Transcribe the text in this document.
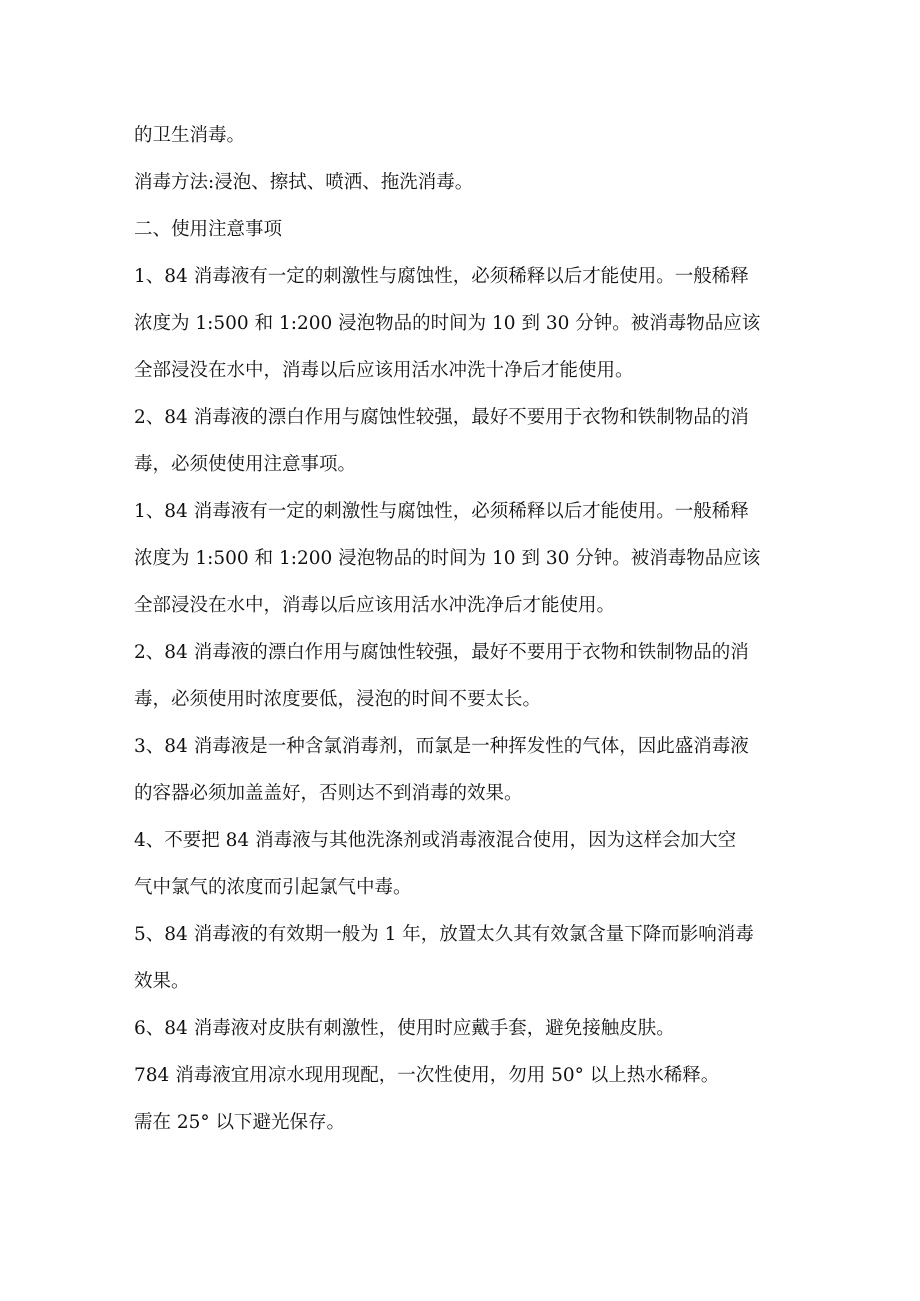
的卫生消毒。

消毒方法:浸泡、擦拭、喷洒、拖洗消毒。

二、使用注意事项

1、84 消毒液有一定的刺激性与腐蚀性，必须稀释以后才能使用。一般稀释

浓度为 1:500 和 1:200 浸泡物品的时间为 10 到 30 分钟。被消毒物品应该

全部浸没在水中，消毒以后应该用活水冲洗十净后才能使用。

2、84 消毒液的漂白作用与腐蚀性较强，最好不要用于衣物和铁制物品的消

毒，必须使使用注意事项。

1、84 消毒液有一定的刺激性与腐蚀性，必须稀释以后才能使用。一般稀释

浓度为 1:500 和 1:200 浸泡物品的时间为 10 到 30 分钟。被消毒物品应该

全部浸没在水中，消毒以后应该用活水冲洗净后才能使用。

2、84 消毒液的漂白作用与腐蚀性较强，最好不要用于衣物和铁制物品的消

毒，必须使用时浓度要低，浸泡的时间不要太长。

3、84 消毒液是一种含氯消毒剂，而氯是一种挥发性的气体，因此盛消毒液

的容器必须加盖盖好，否则达不到消毒的效果。

4、不要把 84 消毒液与其他洗涤剂或消毒液混合使用，因为这样会加大空

气中氯气的浓度而引起氯气中毒。

5、84 消毒液的有效期一般为 1 年，放置太久其有效氯含量下降而影响消毒

效果。

6、84 消毒液对皮肤有刺激性，使用时应戴手套，避免接触皮肤。

784 消毒液宜用凉水现用现配，一次性使用，勿用 50° 以上热水稀释。

需在 25° 以下避光保存。
